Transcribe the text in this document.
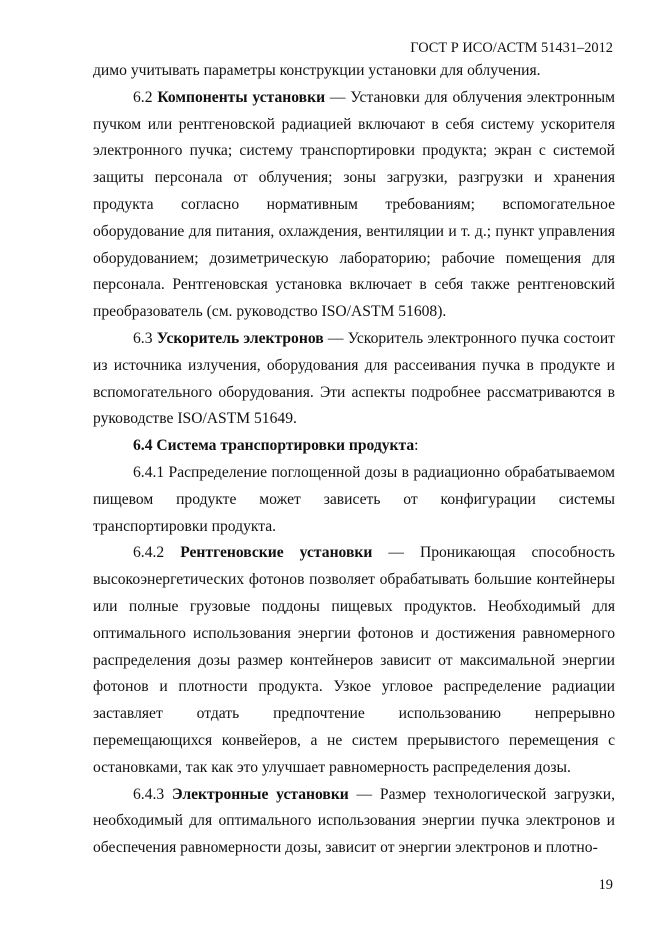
ГОСТ Р ИСО/АСТМ 51431–2012

димо учитывать параметры конструкции установки для облучения.

6.2 Компоненты установки — Установки для облучения электронным пучком или рентгеновской радиацией включают в себя систему ускорителя электронного пучка; систему транспортировки продукта; экран с системой защиты персонала от облучения; зоны загрузки, разгрузки и хранения продукта согласно нормативным требованиям; вспомогательное оборудование для питания, охлаждения, вентиляции и т. д.; пункт управления оборудованием; дозиметрическую лабораторию; рабочие помещения для персонала. Рентгеновская установка включает в себя также рентгеновский преобразователь (см. руководство ISO/ASTM 51608).

6.3 Ускоритель электронов — Ускоритель электронного пучка состоит из источника излучения, оборудования для рассеивания пучка в продукте и вспомогательного оборудования. Эти аспекты подробнее рассматриваются в руководстве ISO/ASTM 51649.

6.4 Система транспортировки продукта:

6.4.1 Распределение поглощенной дозы в радиационно обрабатываемом пищевом продукте может зависеть от конфигурации системы транспортировки продукта.

6.4.2 Рентгеновские установки — Проникающая способность высокоэнергетических фотонов позволяет обрабатывать большие контейнеры или полные грузовые поддоны пищевых продуктов. Необходимый для оптимального использования энергии фотонов и достижения равномерного распределения дозы размер контейнеров зависит от максимальной энергии фотонов и плотности продукта. Узкое угловое распределение радиации заставляет отдать предпочтение использованию непрерывно перемещающихся конвейеров, а не систем прерывистого перемещения с остановками, так как это улучшает равномерность распределения дозы.

6.4.3 Электронные установки — Размер технологической загрузки, необходимый для оптимального использования энергии пучка электронов и обеспечения равномерности дозы, зависит от энергии электронов и плотно-

19
